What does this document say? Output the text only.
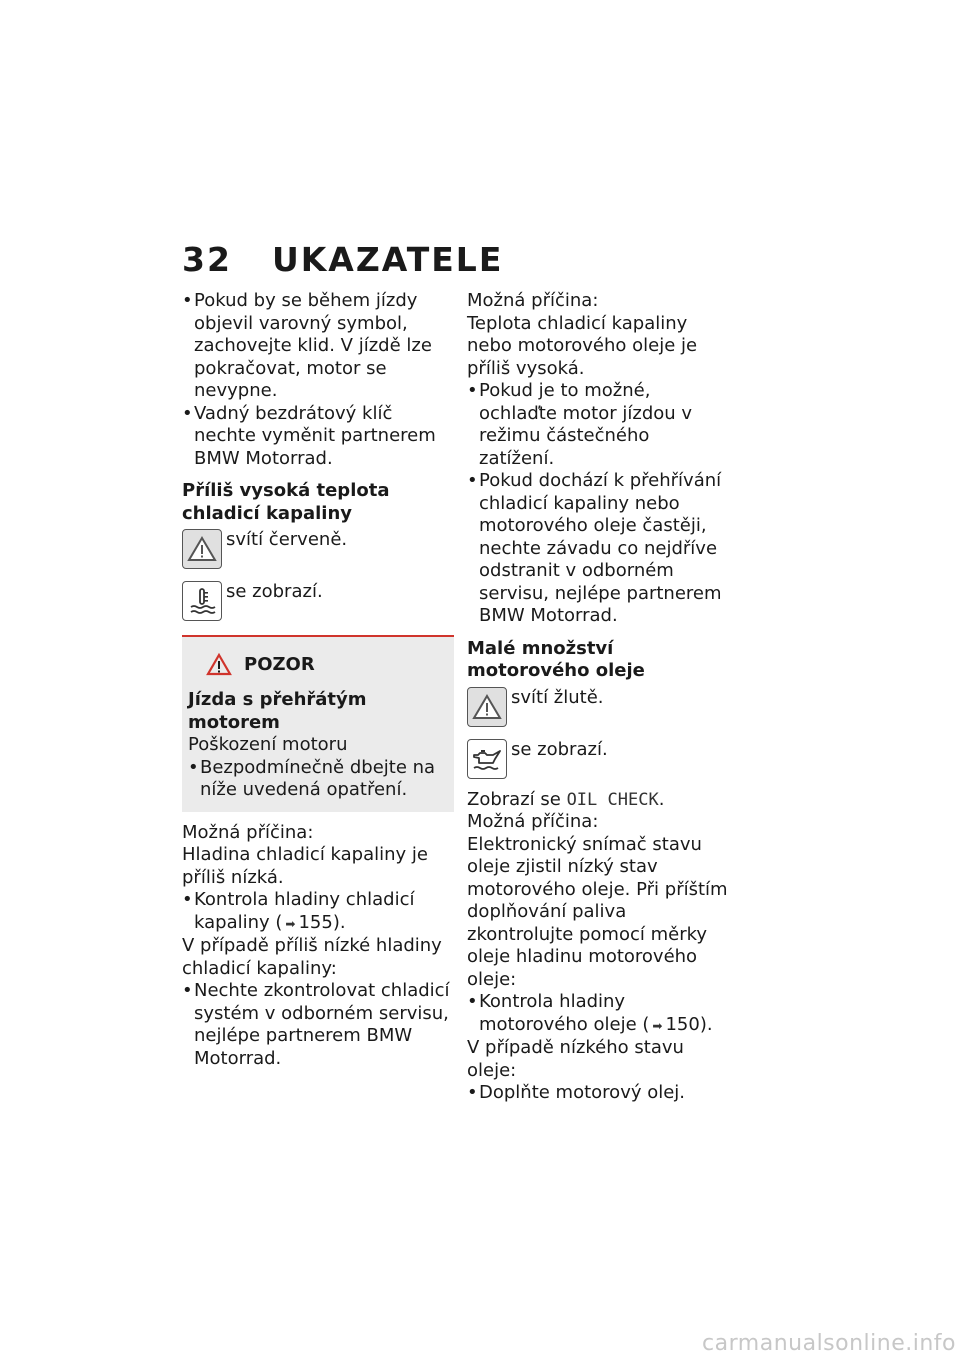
32 UKAZATELE

• Pokud by se během jízdy objevil varovný symbol, zachovejte klid. V jízdě lze pokračovat, motor se nevypne.

• Vadný bezdrátový klíč nechte vyměnit partnerem BMW Motorrad.

Příliš vysoká teplota chladicí kapaliny
svítí červeně.
se zobrazí.
POZOR

Jízda s přehřátým motorem

Poškození motoru

• Bezpodmínečně dbejte na níže uvedená opatření.

Možná příčina:

Hladina chladicí kapaliny je příliš nízká.

• Kontrola hladiny chladicí kapaliny ( ➡ 155).

V případě příliš nízké hladiny chladicí kapaliny:

• Nechte zkontrolovat chladicí systém v odborném servisu, nejlépe partnerem BMW Motorrad.

Možná příčina:

Teplota chladicí kapaliny nebo motorového oleje je příliš vysoká.

• Pokud je to možné, ochlaďte motor jízdou v režimu částečného zatížení.

• Pokud dochází k přehřívání chladicí kapaliny nebo motorového oleje častěji, nechte závadu co nejdříve odstranit v odborném servisu, nejlépe partnerem BMW Motorrad.

Malé množství motorového oleje
svítí žlutě.
se zobrazí.

Zobrazí se OIL CHECK.

Možná příčina:

Elektronický snímač stavu oleje zjistil nízký stav motorového oleje. Při příštím doplňování paliva zkontrolujte pomocí měrky oleje hladinu motorového oleje:

• Kontrola hladiny motorového oleje ( ➡ 150).

V případě nízkého stavu oleje:

• Doplňte motorový olej.

carmanualsonline.info
